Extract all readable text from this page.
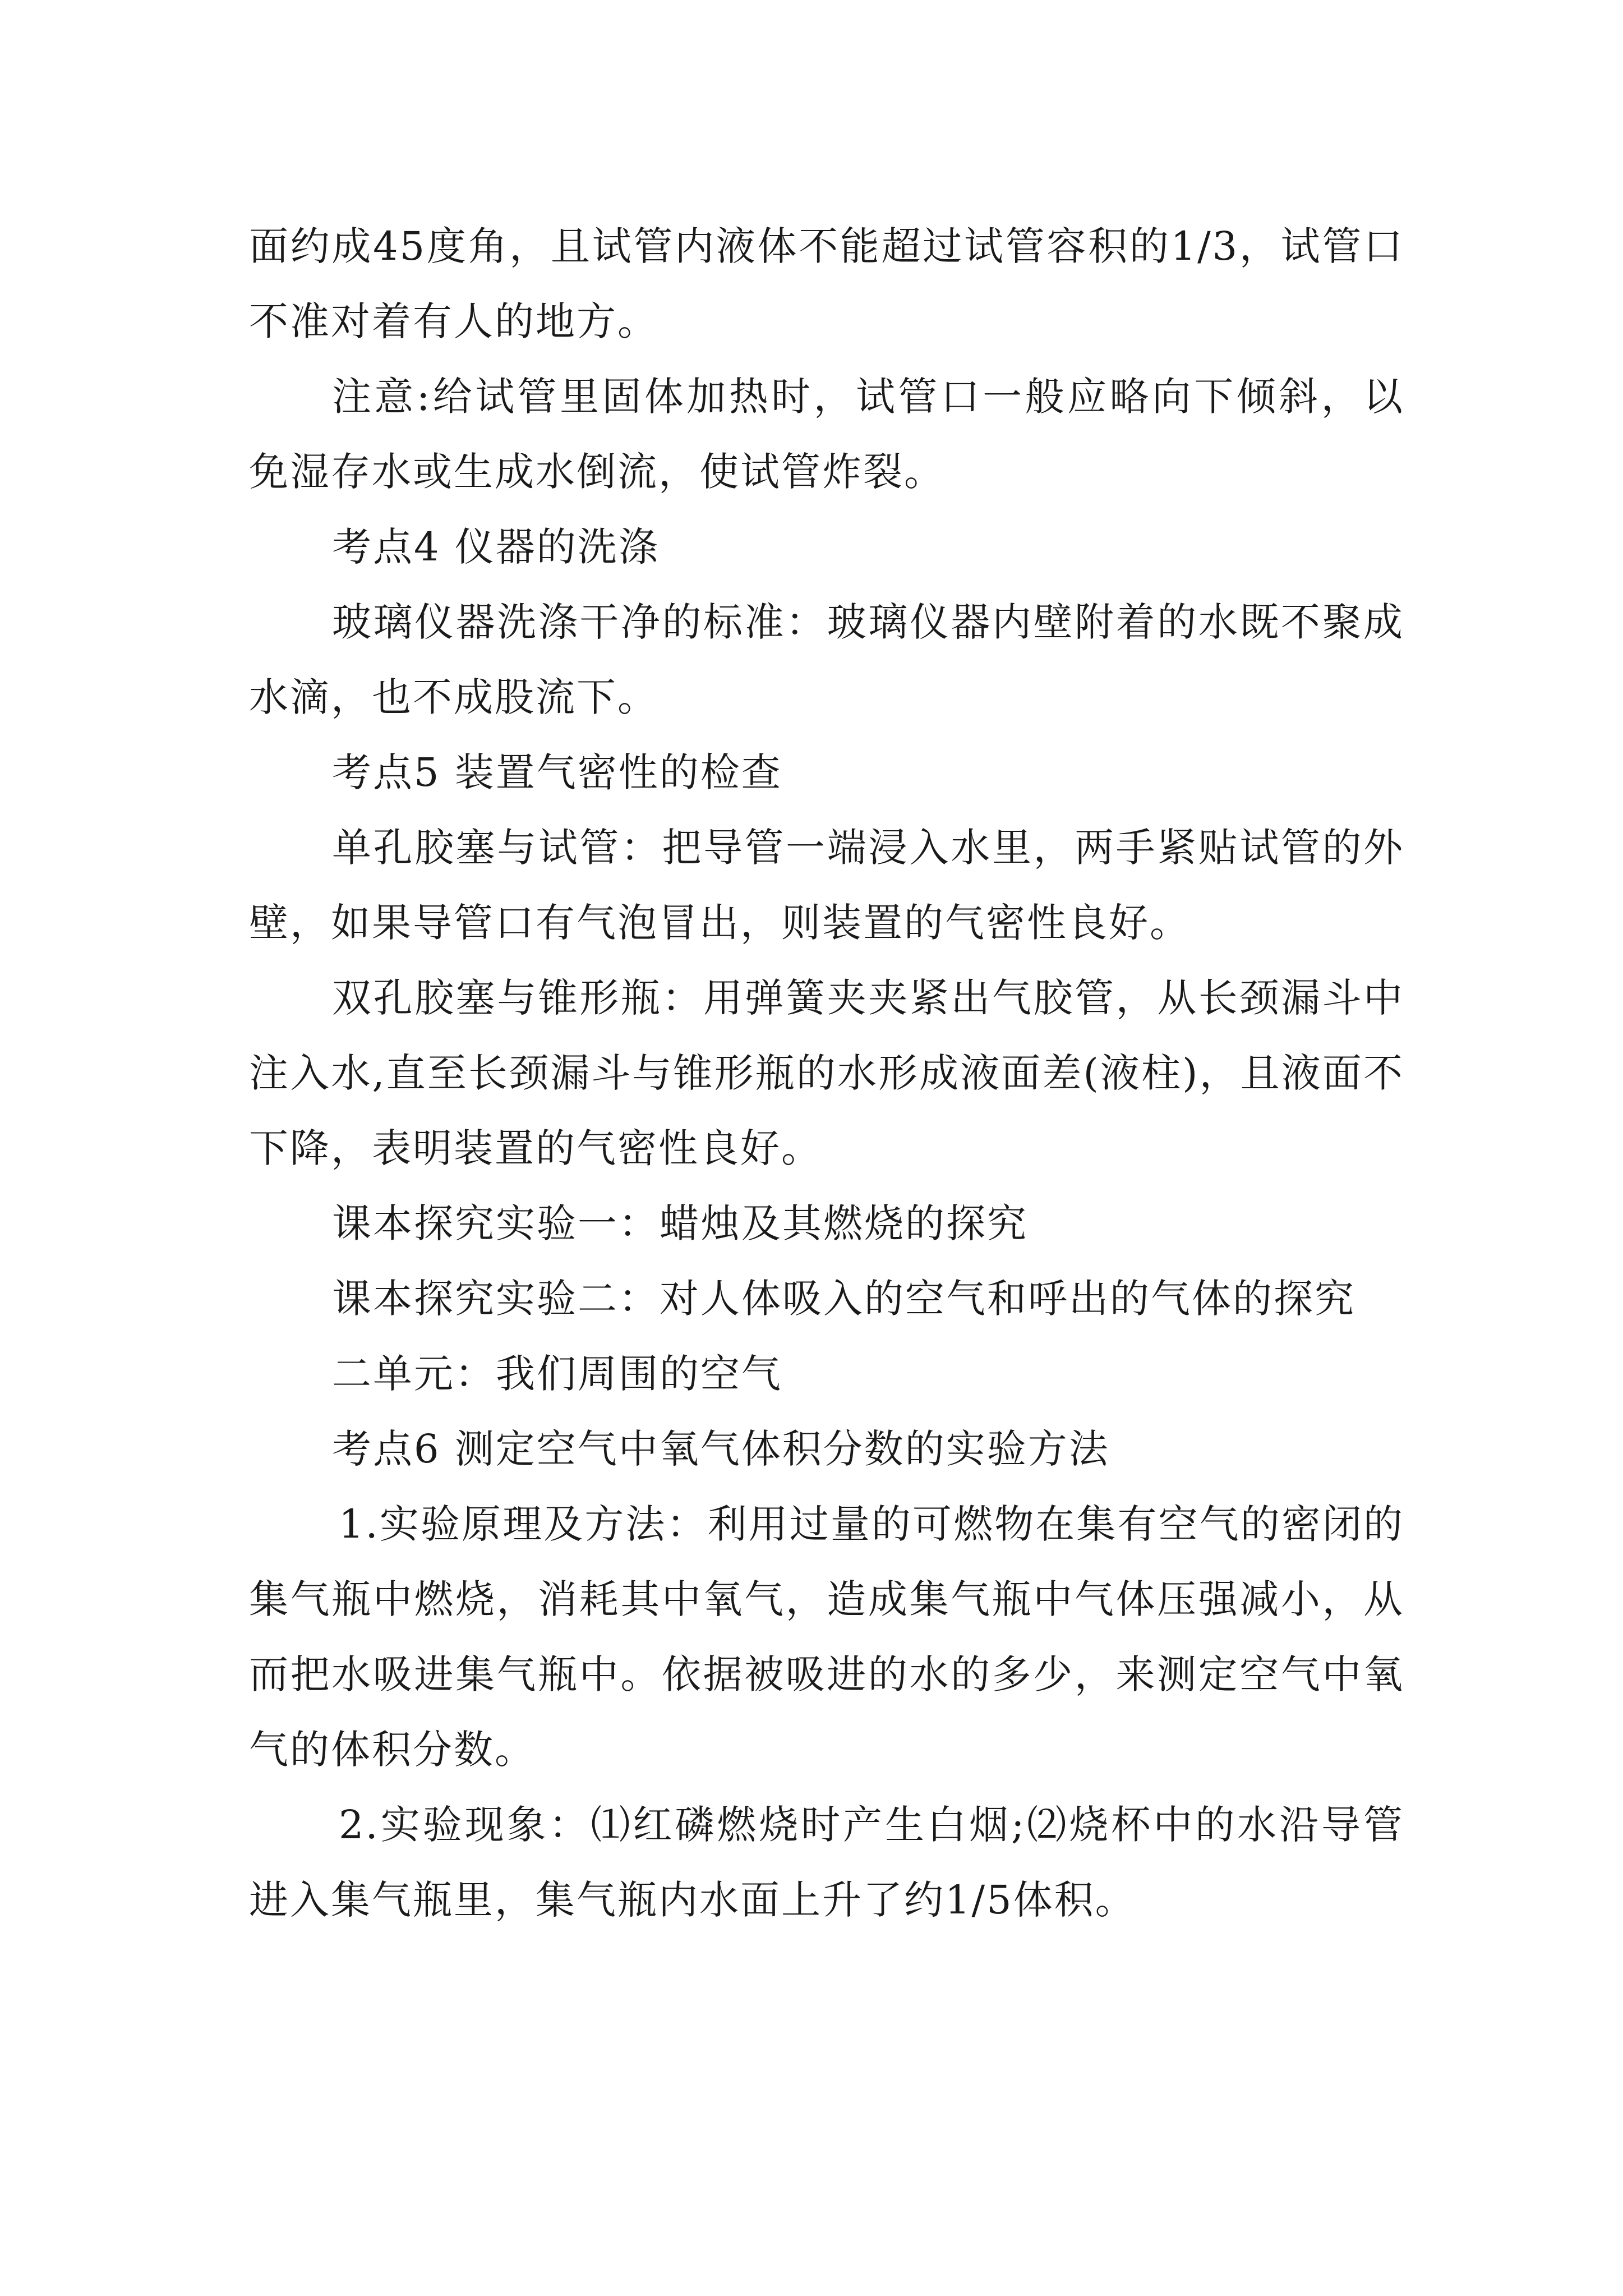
面约成45度角，且试管内液体不能超过试管容积的1/3，试管口不准对着有人的地方。

注意:给试管里固体加热时，试管口一般应略向下倾斜，以免湿存水或生成水倒流，使试管炸裂。

考点4 仪器的洗涤

玻璃仪器洗涤干净的标准：玻璃仪器内壁附着的水既不聚成水滴，也不成股流下。

考点5 装置气密性的检查

单孔胶塞与试管：把导管一端浸入水里，两手紧贴试管的外壁，如果导管口有气泡冒出，则装置的气密性良好。

双孔胶塞与锥形瓶：用弹簧夹夹紧出气胶管，从长颈漏斗中注入水,直至长颈漏斗与锥形瓶的水形成液面差(液柱)，且液面不下降，表明装置的气密性良好。

课本探究实验一：蜡烛及其燃烧的探究

课本探究实验二：对人体吸入的空气和呼出的气体的探究

二单元：我们周围的空气

考点6 测定空气中氧气体积分数的实验方法

1.实验原理及方法：利用过量的可燃物在集有空气的密闭的集气瓶中燃烧，消耗其中氧气，造成集气瓶中气体压强减小，从而把水吸进集气瓶中。依据被吸进的水的多少，来测定空气中氧气的体积分数。

2.实验现象：⑴红磷燃烧时产生白烟;⑵烧杯中的水沿导管进入集气瓶里，集气瓶内水面上升了约1/5体积。
